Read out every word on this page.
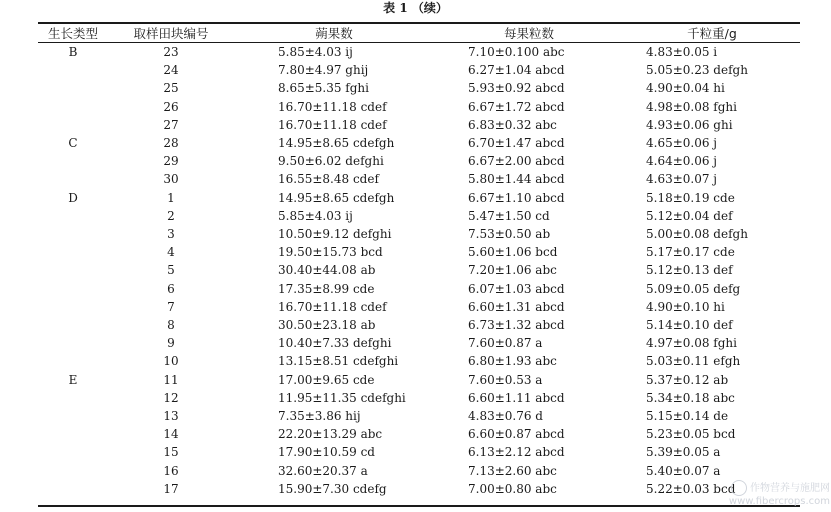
表 1 （续）
生长类型	取样田块编号	蒴果数	每果粒数	千粒重/g
B	23	5.85±4.03 ij	7.10±0.100 abc	4.83±0.05 i
	24	7.80±4.97 ghij	6.27±1.04 abcd	5.05±0.23 defgh
	25	8.65±5.35 fghi	5.93±0.92 abcd	4.90±0.04 hi
	26	16.70±11.18 cdef	6.67±1.72 abcd	4.98±0.08 fghi
	27	16.70±11.18 cdef	6.83±0.32 abc	4.93±0.06 ghi
C	28	14.95±8.65 cdefgh	6.70±1.47 abcd	4.65±0.06 j
	29	9.50±6.02 defghi	6.67±2.00 abcd	4.64±0.06 j
	30	16.55±8.48 cdef	5.80±1.44 abcd	4.63±0.07 j
D	1	14.95±8.65 cdefgh	6.67±1.10 abcd	5.18±0.19 cde
	2	5.85±4.03 ij	5.47±1.50 cd	5.12±0.04 def
	3	10.50±9.12 defghi	7.53±0.50 ab	5.00±0.08 defgh
	4	19.50±15.73 bcd	5.60±1.06 bcd	5.17±0.17 cde
	5	30.40±44.08 ab	7.20±1.06 abc	5.12±0.13 def
	6	17.35±8.99 cde	6.07±1.03 abcd	5.09±0.05 defg
	7	16.70±11.18 cdef	6.60±1.31 abcd	4.90±0.10 hi
	8	30.50±23.18 ab	6.73±1.32 abcd	5.14±0.10 def
	9	10.40±7.33 defghi	7.60±0.87 a	4.97±0.08 fghi
	10	13.15±8.51 cdefghi	6.80±1.93 abc	5.03±0.11 efgh
E	11	17.00±9.65 cde	7.60±0.53 a	5.37±0.12 ab
	12	11.95±11.35 cdefghi	6.60±1.11 abcd	5.34±0.18 abc
	13	7.35±3.86 hij	4.83±0.76 d	5.15±0.14 de
	14	22.20±13.29 abc	6.60±0.87 abcd	5.23±0.05 bcd
	15	17.90±10.59 cd	6.13±2.12 abcd	5.39±0.05 a
	16	32.60±20.37 a	7.13±2.60 abc	5.40±0.07 a
	17	15.90±7.30 cdefg	7.00±0.80 abc	5.22±0.03 bcd	作物营养与施肥网
www.fibercrops.com
